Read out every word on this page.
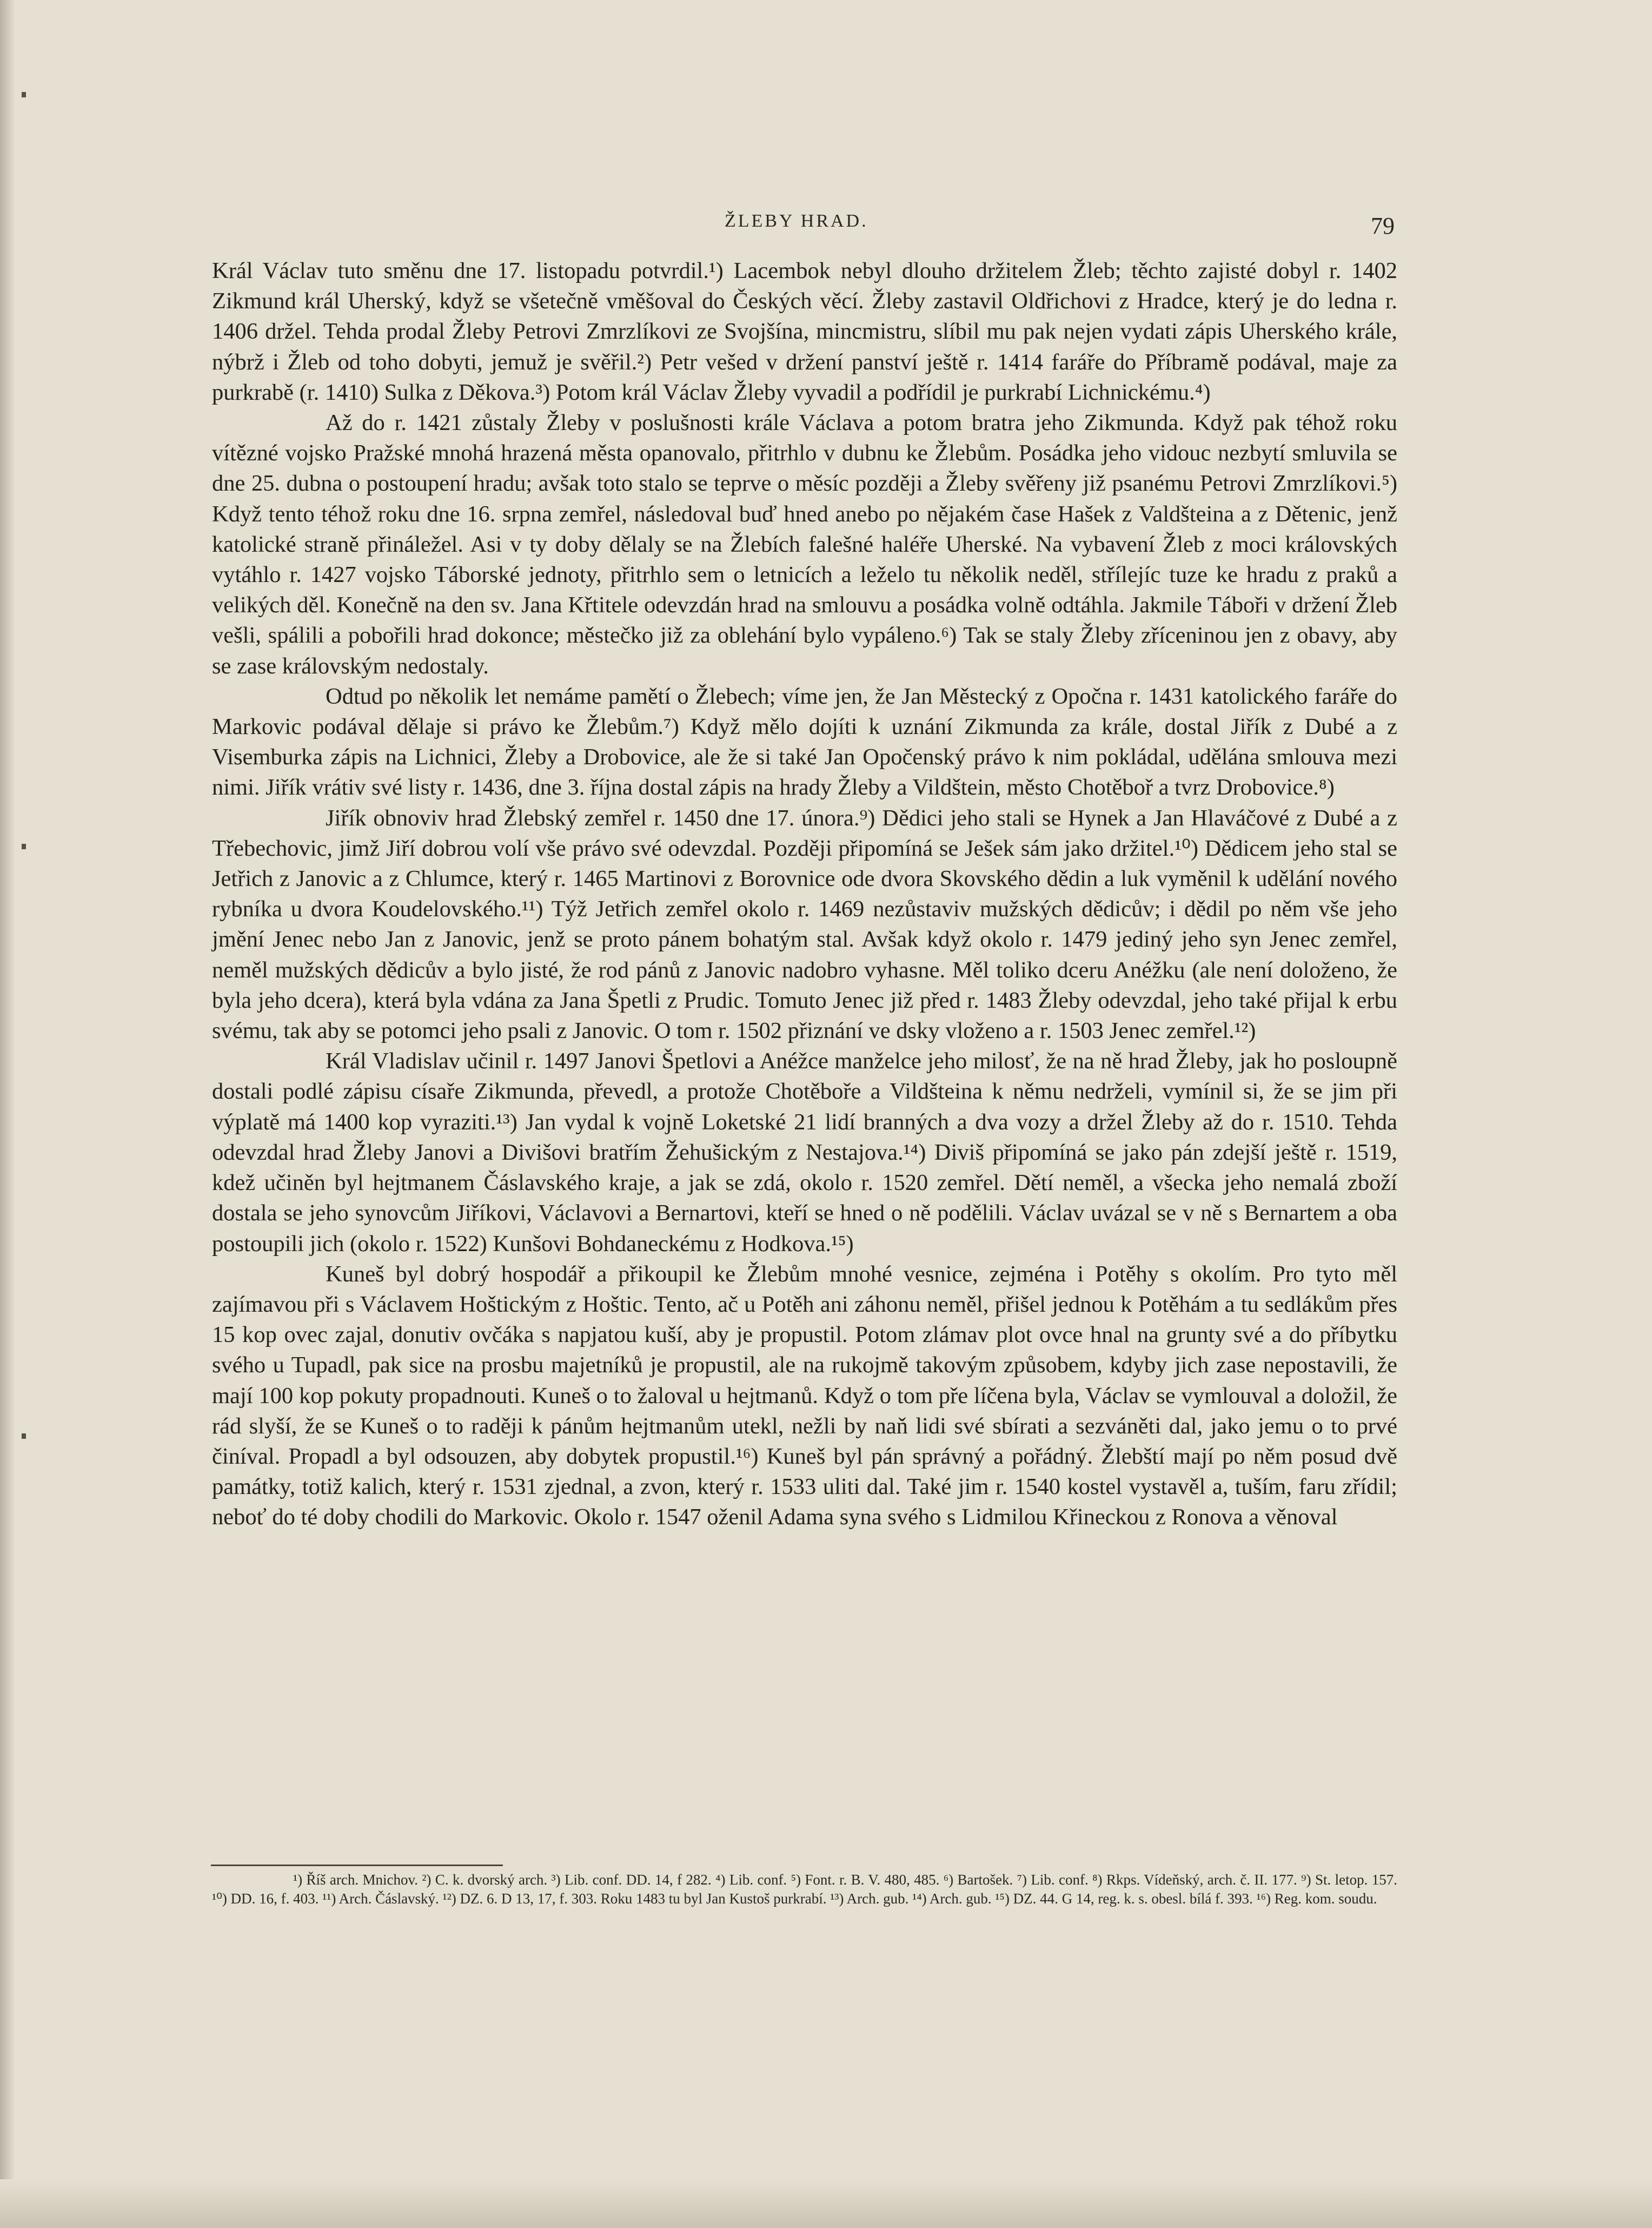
ŽLEBY HRAD.	79

Král Václav tuto směnu dne 17. listopadu potvrdil.¹) Lacembok nebyl dlouho držitelem Žleb; těchto zajisté dobyl r. 1402 Zikmund král Uherský, když se všetečně vměšoval do Českých věcí. Žleby zastavil Oldřichovi z Hradce, který je do ledna r. 1406 držel. Tehda prodal Žleby Petrovi Zmrzlíkovi ze Svojšína, mincmistru, slíbil mu pak nejen vydati zápis Uherského krále, nýbrž i Žleb od toho dobyti, jemuž je svěřil.²) Petr vešed v držení panství ještě r. 1414 faráře do Příbramě podával, maje za purkrabě (r. 1410) Sulka z Děkova.³) Potom král Václav Žleby vyvadil a podřídil je purkrabí Lichnickému.⁴)

Až do r. 1421 zůstaly Žleby v poslušnosti krále Václava a potom bratra jeho Zikmunda. Když pak téhož roku vítězné vojsko Pražské mnohá hrazená města opanovalo, přitrhlo v dubnu ke Žlebům. Posádka jeho vidouc nezbytí smluvila se dne 25. dubna o postoupení hradu; avšak toto stalo se teprve o měsíc později a Žleby svěřeny již psanému Petrovi Zmrzlíkovi.⁵) Když tento téhož roku dne 16. srpna zemřel, následoval buď hned anebo po nějakém čase Hašek z Valdšteina a z Dětenic, jenž katolické straně přináležel. Asi v ty doby dělaly se na Žlebích falešné haléře Uherské. Na vybavení Žleb z moci královských vytáhlo r. 1427 vojsko Táborské jednoty, přitrhlo sem o letnicích a leželo tu několik neděl, střílejíc tuze ke hradu z praků a velikých děl. Konečně na den sv. Jana Křtitele odevzdán hrad na smlouvu a posádka volně odtáhla. Jakmile Táboři v držení Žleb vešli, spálili a pobořili hrad dokonce; městečko již za oblehání bylo vypáleno.⁶) Tak se staly Žleby zříceninou jen z obavy, aby se zase královským nedostaly.

Odtud po několik let nemáme pamětí o Žlebech; víme jen, že Jan Městecký z Opočna r. 1431 katolického faráře do Markovic podával dělaje si právo ke Žlebům.⁷) Když mělo dojíti k uznání Zikmunda za krále, dostal Jiřík z Dubé a z Visemburka zápis na Lichnici, Žleby a Drobovice, ale že si také Jan Opočenský právo k nim pokládal, udělána smlouva mezi nimi. Jiřík vrátiv své listy r. 1436, dne 3. října dostal zápis na hrady Žleby a Vildštein, město Chotěboř a tvrz Drobovice.⁸)

Jiřík obnoviv hrad Žlebský zemřel r. 1450 dne 17. února.⁹) Dědici jeho stali se Hynek a Jan Hlaváčové z Dubé a z Třebechovic, jimž Jiří dobrou volí vše právo své odevzdal. Později připomíná se Ješek sám jako držitel.¹⁰) Dědicem jeho stal se Jetřich z Janovic a z Chlumce, který r. 1465 Martinovi z Borovnice ode dvora Skovského dědin a luk vyměnil k udělání nového rybníka u dvora Koudelovského.¹¹) Týž Jetřich zemřel okolo r. 1469 nezůstaviv mužských dědicův; i dědil po něm vše jeho jmění Jenec nebo Jan z Janovic, jenž se proto pánem bohatým stal. Avšak když okolo r. 1479 jediný jeho syn Jenec zemřel, neměl mužských dědicův a bylo jisté, že rod pánů z Janovic nadobro vyhasne. Měl toliko dceru Anéžku (ale není doloženo, že byla jeho dcera), která byla vdána za Jana Špetli z Prudic. Tomuto Jenec již před r. 1483 Žleby odevzdal, jeho také přijal k erbu svému, tak aby se potomci jeho psali z Janovic. O tom r. 1502 přiznání ve dsky vloženo a r. 1503 Jenec zemřel.¹²)

Král Vladislav učinil r. 1497 Janovi Špetlovi a Anéžce manželce jeho milosť, že na ně hrad Žleby, jak ho posloupně dostali podlé zápisu císaře Zikmunda, převedl, a protože Chotěboře a Vildšteina k němu nedrželi, vymínil si, že se jim při výplatě má 1400 kop vyraziti.¹³) Jan vydal k vojně Loketské 21 lidí branných a dva vozy a držel Žleby až do r. 1510. Tehda odevzdal hrad Žleby Janovi a Divišovi bratřím Žehušickým z Nestajova.¹⁴) Diviš připomíná se jako pán zdejší ještě r. 1519, kdež učiněn byl hejtmanem Čáslavského kraje, a jak se zdá, okolo r. 1520 zemřel. Dětí neměl, a všecka jeho nemalá zboží dostala se jeho synovcům Jiříkovi, Václavovi a Bernartovi, kteří se hned o ně podělili. Václav uvázal se v ně s Bernartem a oba postoupili jich (okolo r. 1522) Kunšovi Bohdaneckému z Hodkova.¹⁵)

Kuneš byl dobrý hospodář a přikoupil ke Žlebům mnohé vesnice, zejména i Potěhy s okolím. Pro tyto měl zajímavou při s Václavem Hoštickým z Hoštic. Tento, ač u Potěh ani záhonu neměl, přišel jednou k Potěhám a tu sedlákům přes 15 kop ovec zajal, donutiv ovčáka s napjatou kuší, aby je propustil. Potom zlámav plot ovce hnal na grunty své a do příbytku svého u Tupadl, pak sice na prosbu majetníků je propustil, ale na rukojmě takovým způsobem, kdyby jich zase nepostavili, že mají 100 kop pokuty propadnouti. Kuneš o to žaloval u hejtmanů. Když o tom pře líčena byla, Václav se vymlouval a doložil, že rád slyší, že se Kuneš o to raději k pánům hejtmanům utekl, nežli by naň lidi své sbírati a sezváněti dal, jako jemu o to prvé činíval. Propadl a byl odsouzen, aby dobytek propustil.¹⁶) Kuneš byl pán správný a pořádný. Žlebští mají po něm posud dvě památky, totiž kalich, který r. 1531 zjednal, a zvon, který r. 1533 uliti dal. Také jim r. 1540 kostel vystavěl a, tuším, faru zřídil; neboť do té doby chodili do Markovic. Okolo r. 1547 oženil Adama syna svého s Lidmilou Křineckou z Ronova a věnoval

¹) Říš arch. Mnichov. ²) C. k. dvorský arch. ³) Lib. conf. DD. 14, f 282. ⁴) Lib. conf. ⁵) Font. r. B. V. 480, 485. ⁶) Bartošek. ⁷) Lib. conf. ⁸) Rkps. Vídeňský, arch. č. II. 177. ⁹) St. letop. 157. ¹⁰) DD. 16, f. 403. ¹¹) Arch. Čáslavský. ¹²) DZ. 6. D 13, 17, f. 303. Roku 1483 tu byl Jan Kustoš purkrabí. ¹³) Arch. gub. ¹⁴) Arch. gub. ¹⁵) DZ. 44. G 14, reg. k. s. obesl. bílá f. 393. ¹⁶) Reg. kom. soudu.
